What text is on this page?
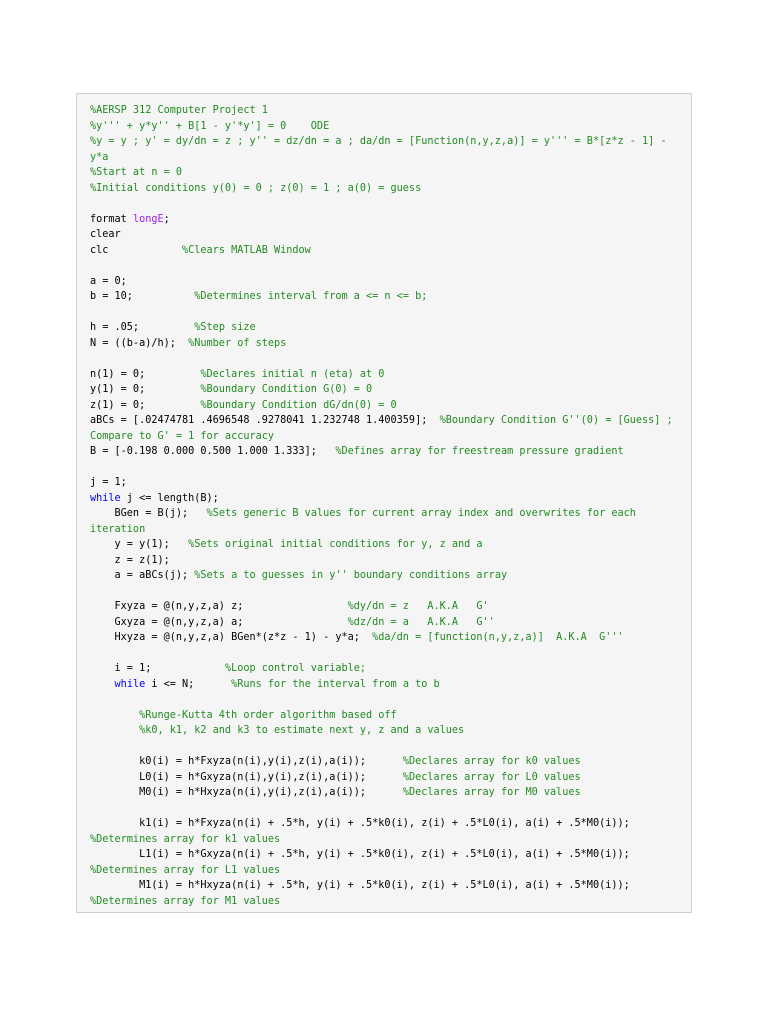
%AERSP 312 Computer Project 1
%y''' + y*y'' + B[1 - y'*y'] = 0    ODE
%y = y ; y' = dy/dn = z ; y'' = dz/dn = a ; da/dn = [Function(n,y,z,a)] = y''' = B*[z*z - 1] -
y*a
%Start at n = 0
%Initial conditions y(0) = 0 ; z(0) = 1 ; a(0) = guess
format longE;
clear
clc            %Clears MATLAB Window
a = 0;
b = 10;          %Determines interval from a <= n <= b;
h = .05;         %Step size
N = ((b-a)/h);  %Number of steps
n(1) = 0;         %Declares initial n (eta) at 0
y(1) = 0;         %Boundary Condition G(0) = 0
z(1) = 0;         %Boundary Condition dG/dn(0) = 0
aBCs = [.02474781 .4696548 .9278041 1.232748 1.400359];  %Boundary Condition G''(0) = [Guess] ;
Compare to G' = 1 for accuracy
B = [-0.198 0.000 0.500 1.000 1.333];   %Defines array for freestream pressure gradient
j = 1;
while j <= length(B);
BGen = B(j);   %Sets generic B values for current array index and overwrites for each
iteration
y = y(1);   %Sets original initial conditions for y, z and a
z = z(1);
a = aBCs(j); %Sets a to guesses in y'' boundary conditions array
Fxyza = @(n,y,z,a) z;                 %dy/dn = z   A.K.A   G'
Gxyza = @(n,y,z,a) a;                 %dz/dn = a   A.K.A   G''
Hxyza = @(n,y,z,a) BGen*(z*z - 1) - y*a;  %da/dn = [function(n,y,z,a)]  A.K.A  G'''
i = 1;            %Loop control variable;
while i <= N;      %Runs for the interval from a to b
%Runge-Kutta 4th order algorithm based off
%k0, k1, k2 and k3 to estimate next y, z and a values
k0(i) = h*Fxyza(n(i),y(i),z(i),a(i));      %Declares array for k0 values
L0(i) = h*Gxyza(n(i),y(i),z(i),a(i));      %Declares array for L0 values
M0(i) = h*Hxyza(n(i),y(i),z(i),a(i));      %Declares array for M0 values
k1(i) = h*Fxyza(n(i) + .5*h, y(i) + .5*k0(i), z(i) + .5*L0(i), a(i) + .5*M0(i));
%Determines array for k1 values
L1(i) = h*Gxyza(n(i) + .5*h, y(i) + .5*k0(i), z(i) + .5*L0(i), a(i) + .5*M0(i));
%Determines array for L1 values
M1(i) = h*Hxyza(n(i) + .5*h, y(i) + .5*k0(i), z(i) + .5*L0(i), a(i) + .5*M0(i));
%Determines array for M1 values
